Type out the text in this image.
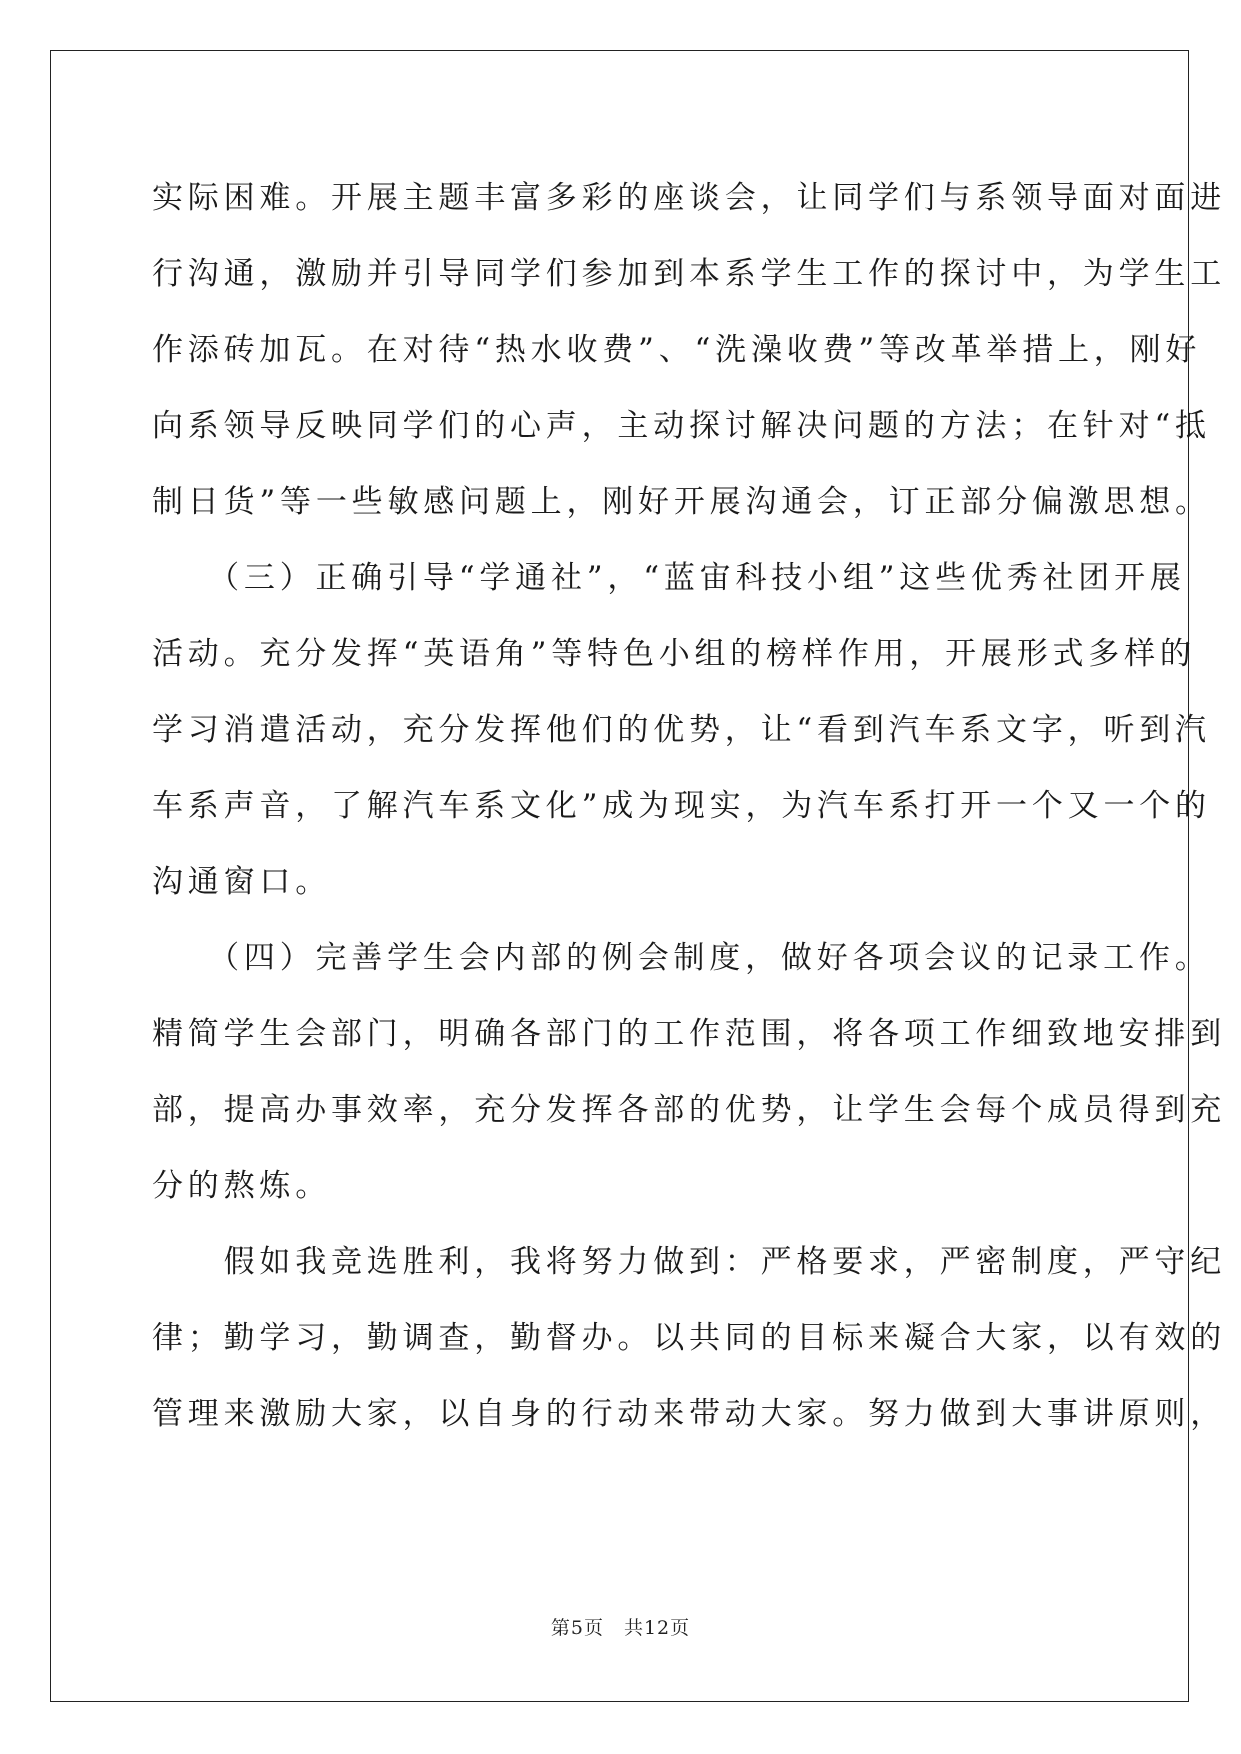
实际困难。开展主题丰富多彩的座谈会，让同学们与系领导面对面进
行沟通，激励并引导同学们参加到本系学生工作的探讨中，为学生工
作添砖加瓦。在对待“热水收费”、“洗澡收费”等改革举措上，刚好
向系领导反映同学们的心声，主动探讨解决问题的方法；在针对“抵
制日货”等一些敏感问题上，刚好开展沟通会，订正部分偏激思想。
　　（三）正确引导“学通社”，“蓝宙科技小组”这些优秀社团开展
活动。充分发挥“英语角”等特色小组的榜样作用，开展形式多样的
学习消遣活动，充分发挥他们的优势，让“看到汽车系文字，听到汽
车系声音，了解汽车系文化”成为现实，为汽车系打开一个又一个的
沟通窗口。
　　（四）完善学生会内部的例会制度，做好各项会议的记录工作。
精简学生会部门，明确各部门的工作范围，将各项工作细致地安排到
部，提高办事效率，充分发挥各部的优势，让学生会每个成员得到充
分的熬炼。
　　假如我竞选胜利，我将努力做到：严格要求，严密制度，严守纪
律；勤学习，勤调查，勤督办。以共同的目标来凝合大家，以有效的
管理来激励大家，以自身的行动来带动大家。努力做到大事讲原则，

第5页　共12页
